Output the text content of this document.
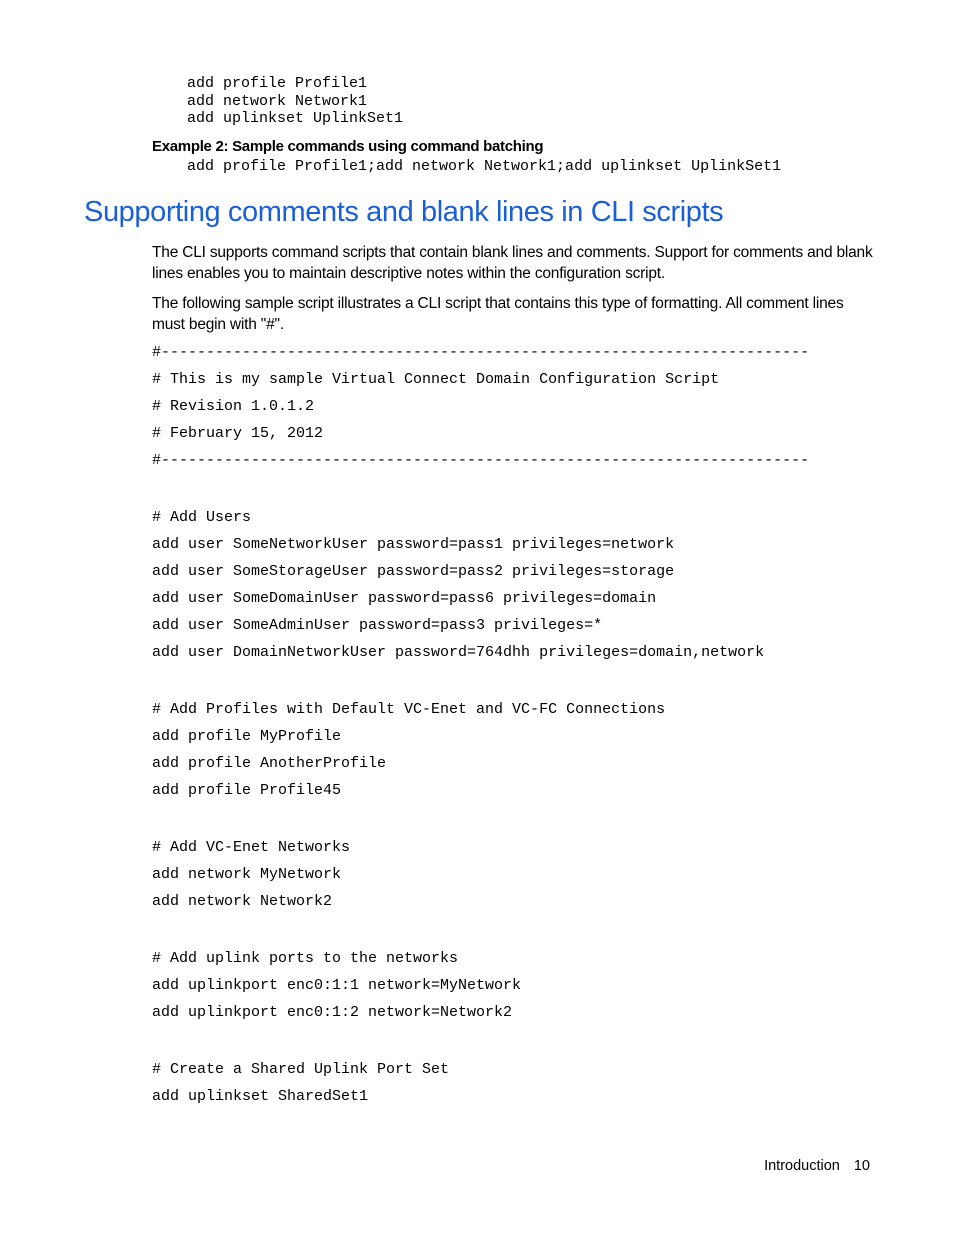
add profile Profile1
add network Network1
add uplinkset UplinkSet1
Example 2: Sample commands using command batching
add profile Profile1;add network Network1;add uplinkset UplinkSet1
Supporting comments and blank lines in CLI scripts

The CLI supports command scripts that contain blank lines and comments. Support for comments and blank lines enables you to maintain descriptive notes within the configuration script.

The following sample script illustrates a CLI script that contains this type of formatting. All comment lines must begin with "#".

#------------------------------------------------------------------------
# This is my sample Virtual Connect Domain Configuration Script
# Revision 1.0.1.2
# February 15, 2012
#------------------------------------------------------------------------
# Add Users
add user SomeNetworkUser password=pass1 privileges=network
add user SomeStorageUser password=pass2 privileges=storage
add user SomeDomainUser password=pass6 privileges=domain
add user SomeAdminUser password=pass3 privileges=*
add user DomainNetworkUser password=764dhh privileges=domain,network
# Add Profiles with Default VC-Enet and VC-FC Connections
add profile MyProfile
add profile AnotherProfile
add profile Profile45
# Add VC-Enet Networks
add network MyNetwork
add network Network2
# Add uplink ports to the networks
add uplinkport enc0:1:1 network=MyNetwork
add uplinkport enc0:1:2 network=Network2
# Create a Shared Uplink Port Set
add uplinkset SharedSet1
Introduction 10
